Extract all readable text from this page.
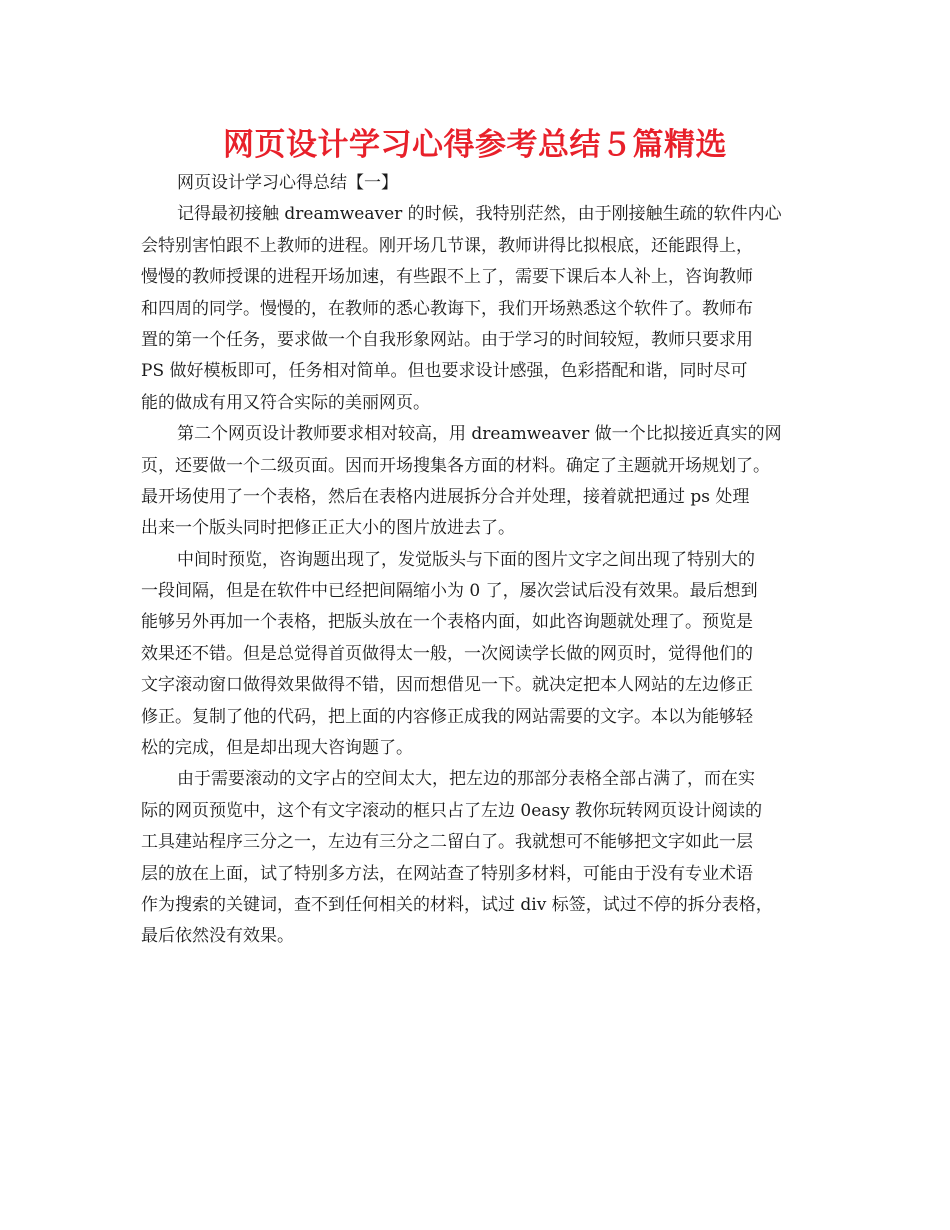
网页设计学习心得参考总结５篇精选
网页设计学习心得总结【一】
记得最初接触 dreamweaver 的时候，我特别茫然，由于刚接触生疏的软件内心
会特别害怕跟不上教师的进程。刚开场几节课，教师讲得比拟根底，还能跟得上，
慢慢的教师授课的进程开场加速，有些跟不上了，需要下课后本人补上，咨询教师
和四周的同学。慢慢的，在教师的悉心教诲下，我们开场熟悉这个软件了。教师布
置的第一个任务，要求做一个自我形象网站。由于学习的时间较短，教师只要求用
PS 做好模板即可，任务相对简单。但也要求设计感强，色彩搭配和谐，同时尽可
能的做成有用又符合实际的美丽网页。
第二个网页设计教师要求相对较高，用 dreamweaver 做一个比拟接近真实的网
页，还要做一个二级页面。因而开场搜集各方面的材料。确定了主题就开场规划了。
最开场使用了一个表格，然后在表格内进展拆分合并处理，接着就把通过 ps 处理
出来一个版头同时把修正正大小的图片放进去了。
中间时预览，咨询题出现了，发觉版头与下面的图片文字之间出现了特别大的
一段间隔，但是在软件中已经把间隔缩小为 0 了，屡次尝试后没有效果。最后想到
能够另外再加一个表格，把版头放在一个表格内面，如此咨询题就处理了。预览是
效果还不错。但是总觉得首页做得太一般，一次阅读学长做的网页时，觉得他们的
文字滚动窗口做得效果做得不错，因而想借见一下。就决定把本人网站的左边修正
修正。复制了他的代码，把上面的内容修正成我的网站需要的文字。本以为能够轻
松的完成，但是却出现大咨询题了。
由于需要滚动的文字占的空间太大，把左边的那部分表格全部占满了，而在实
际的网页预览中，这个有文字滚动的框只占了左边 0easy 教你玩转网页设计阅读的
工具建站程序三分之一，左边有三分之二留白了。我就想可不能够把文字如此一层
层的放在上面，试了特别多方法，在网站查了特别多材料，可能由于没有专业术语
作为搜索的关键词，查不到任何相关的材料，试过 div 标签，试过不停的拆分表格，
最后依然没有效果。
